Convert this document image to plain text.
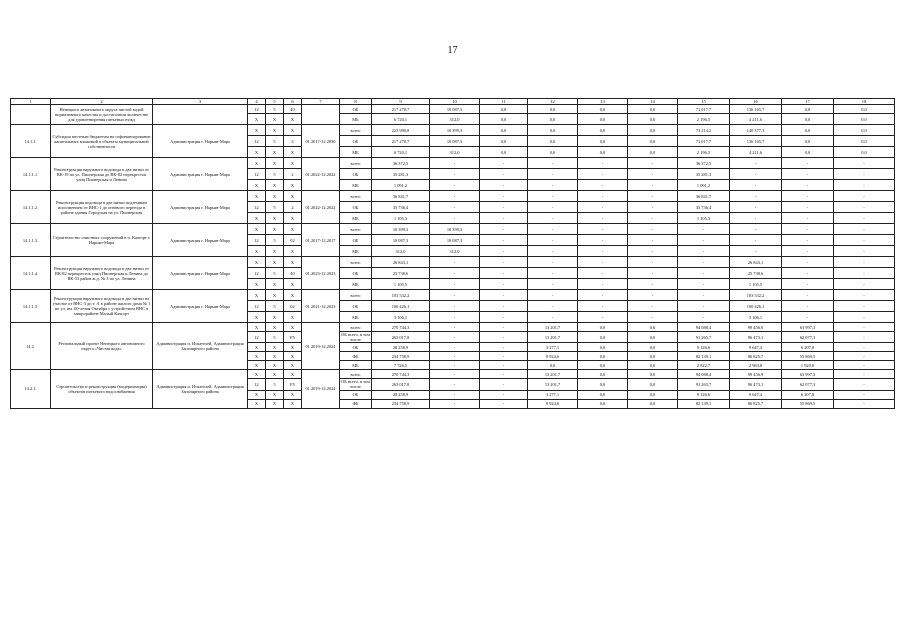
17
1	2	3	4	5	6	7	8	9	10	11	12	13	14	15	16	17	18
	Ненецкого автономного округа чистой водой нормативного качества и достаточном количестве для удовлетворения питьевых нужд		12	5	40		ОБ	217 270,7	10 087,3	0,0	0,0	0,0	0,0	71 017,7	136 165,7	0,0	0,0
			X	X	X		МБ	6 720,1	312,0	0,0	0,0	0,0	0,0	2 196,5	4 211,6	0,0	0,0
14.1.1.	Субсидия местным бюджетам на софинансирование капитальных вложений в объекты муниципальной собственности	Администрация г. Нарьян-Мара	X	X	X	01.2017-12.2030	всего	223 990,8	10 399,3	0,0	0,0	0,0	0,0	73 214,2	140 377,3	0,0	0,0
			12	5	3		ОБ	217 270,7	10 087,3	0,0	0,0	0,0	0,0	71 017,7	136 165,7	0,0	0,0
			X	X	X		МБ	6 720,1	312,0	0,0	0,0	0,0	0,0	2 196,5	4 211,6	0,0	0,0
14.1.1.1.	Реконструкция наружного водовода в две нитки от ВК-19 по ул. Пионерская до ВК-82 перекресток улиц Пионерская и Ленина	Администрация г. Нарьян-Мара	X	X	X	01.2022-12.2022	всего	36 372,5	-	-	-	-	-	36 372,5	-	-	-
			12	5	2		ОБ	35 281,3	-	-	-	-	-	35 281,3	-	-	-
			X	X	X		МБ	1 091,2	-	-	-	-	-	1 091,2	-	-	-
14.1.1.2.	Реконструкция водовода в две нитки подземным исполнением от ВНС-1 до огневого переезда в районе здания Городская на ул. Пионерская	Администрация г. Нарьян-Мара	X	X	X	01.2022-12.2022	всего	36 841,7	-	-	-	-	-	36 841,7	-	-	-
			12	5	2		ОБ	35 736,4	-	-	-	-	-	35 736,4	-	-	-
			X	X	X		МБ	1 105,3	-	-	-	-	-	1 105,3	-	-	-
14.1.1.3.	Строительство очистных сооружений в п. Качгорт г. Нарьян-Мара	Администрация г. Нарьян-Мара	X	X	X	01.2017-12.2017	всего	10 399,3	10 399,3	-	-	-	-	-	-	-	-
			12	5	02		ОБ	10 087,3	10 087,3	-	-	-	-	-	-	-	-
			X	X	X		МБ	312,0	312,0	-	-	-	-	-	-	-	-
14.1.1.4.	Реконструкция наружного водовода в две нитки от ВК-82 перекресток улиц Пионерская и Ленина до ВК-53 район ж.д. № 3 по ул. Ленина	Администрация г. Нарьян-Мара	X	X	X	01.2023-12.2023	всего	26 843,1	-	-	-	-	-	-	26 843,1	-	-
			12	5	40		ОБ	25 738,6	-	-	-	-	-	-	25 738,6	-	-
			X	X	X		МБ	1 105,5	-	-	-	-	-	-	1 105,5	-	-
14.1.1.5.	Реконструкция наружного водовода в две нитки на участке от ВНС-3 до т. А в районе жилого дома № 1 по ул. им. 60-летия Октября с устройством ВНС в микрорайоне Малый Качгорт	Администрация г. Нарьян-Мара	X	X	X	01.2021-12.2023	всего	103 532,2	-	-	-	-	-	-	103 532,2	-	-
			12	5	02		ОБ	100 426,1	-	-	-	-	-	-	100 426,1	-	-
			X	X	X		МБ	3 106,1	-	-	-	-	-	-	3 106,1	-	-
14.2.	Региональный проект Ненецкого автономного округа «Чистая вода»	Администрация п. Искателей, Администрация Заполярного района	X	X	X	01.2019-12.2024	всего	270 744,3	-	-	13 201,7	0,0	0,0	94 088,4	99 456,9	63 997,3	-
			12	5	F5		ОБ всего, в том числе	263 017,8	-	-	13 201,7	0,0	0,0	91 265,7	96 473,1	62 077,3	-
			X	X	X		ОБ	28 258,9	-	-	3 277,1	0,0	0,0	9 126,6	9 647,4	6 207,8	-
			X	X	X		ФБ	234 758,9	-	-	9 924,6	0,0	0,0	82 139,1	86 825,7	55 869,5	-
			X	X	X		МБ	7 726,5	-	-	0,0	0,0	0,0	2 822,7	2 983,8	1 920,0	-
14.2.1.	Строительство и реконструкция (модернизация) объектов питьевого водоснабжения	Администрация п. Искателей, Администрация Заполярного района	X	X	X	01.2019-12.2024	всего	270 744,3	-	-	13 201,7	0,0	0,0	94 088,4	99 456,9	63 997,3	-
			12	5	F5		ОБ всего, в том числе	263 017,8	-	-	13 201,7	0,0	0,0	91 265,7	96 473,1	62 077,3	-
			X	X	X		ОБ	28 258,9	-	-	3 277,1	0,0	0,0	9 126,6	9 647,4	6 207,8	-
			X	X	X		ФБ	234 758,9	-	-	9 924,6	0,0	0,0	82 139,1	86 825,7	55 869,5	-
